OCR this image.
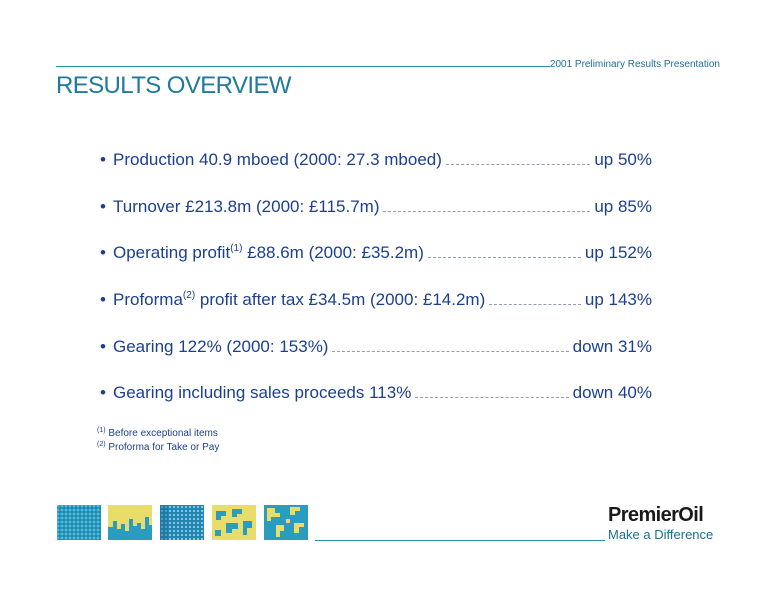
2001 Preliminary Results Presentation
RESULTS OVERVIEW
• Production 40.9 mboed (2000: 27.3 mboed)	up 50%
• Turnover £213.8m (2000: £115.7m)	up 85%
• Operating profit$^{(1)}$ £88.6m (2000: £35.2m)	up 152%
• Proforma$^{(2)}$ profit after tax £34.5m (2000: £14.2m)	up 143%
• Gearing 122% (2000: 153%)	down 31%
• Gearing including sales proceeds 113%	down 40%
$^{(1)}$ Before exceptional items
$^{(2)}$ Proforma for Take or Pay
PremierOil
Make a Difference
